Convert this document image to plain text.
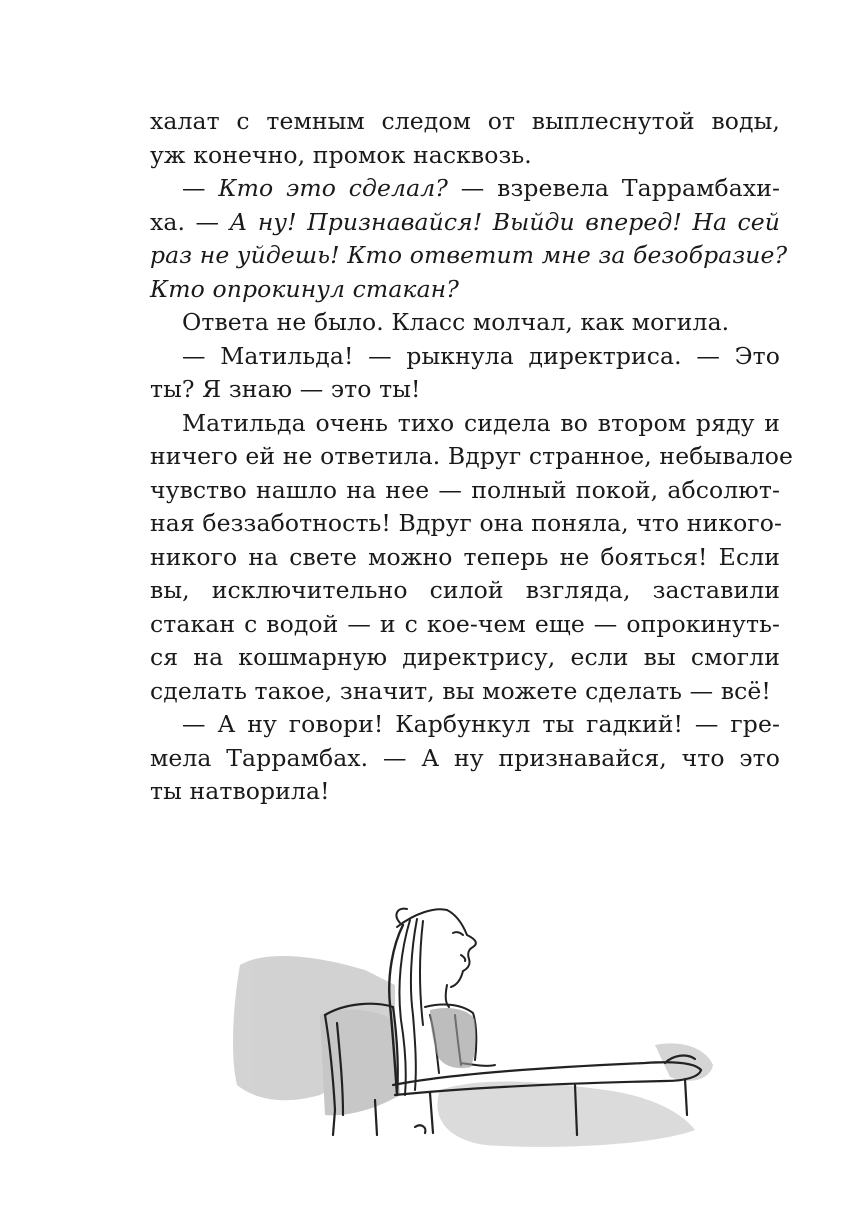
халат с темным следом от выплеснутой воды,
уж конечно, промок насквозь.
— Кто это сделал? — взревела Таррамбахи-
ха. — А ну! Признавайся! Выйди вперед! На сей
раз не уйдешь! Кто ответит мне за безобразие?
Кто опрокинул стакан?
Ответа не было. Класс молчал, как могила.
— Матильда! — рыкнула директриса. — Это
ты? Я знаю — это ты!
Матильда очень тихо сидела во втором ряду и
ничего ей не ответила. Вдруг странное, небывалое
чувство нашло на нее — полный покой, абсолют-
ная беззаботность! Вдруг она поняла, что никого-
никого на свете можно теперь не бояться! Если
вы, исключительно силой взгляда, заставили
стакан с водой — и с кое-чем еще — опрокинуть-
ся на кошмарную директрису, если вы смогли
сделать такое, значит, вы можете сделать — всё!
— А ну говори! Карбункул ты гадкий! — гре-
мела Таррамбах. — А ну признавайся, что это
ты натворила!
